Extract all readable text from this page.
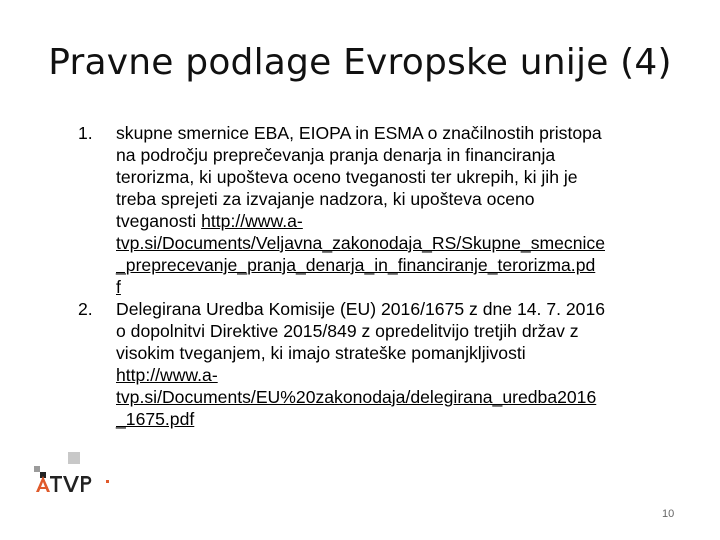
Pravne podlage Evropske unije (4)
1. skupne smernice EBA, EIOPA in ESMA o značilnostih pristopa
na področju preprečevanja pranja denarja in financiranja
terorizma, ki upošteva oceno tveganosti ter ukrepih, ki jih je
treba sprejeti za izvajanje nadzora, ki upošteva oceno
tveganosti http://www.a-
tvp.si/Documents/Veljavna_zakonodaja_RS/Skupne_smecnice
_preprecevanje_pranja_denarja_in_financiranje_terorizma.pd
f
2. Delegirana Uredba Komisije (EU) 2016/1675 z dne 14. 7. 2016
o dopolnitvi Direktive 2015/849 z opredelitvijo tretjih držav z
visokim tveganjem, ki imajo strateške pomanjkljivosti
http://www.a-
tvp.si/Documents/EU%20zakonodaja/delegirana_uredba2016
_1675.pdf
10
